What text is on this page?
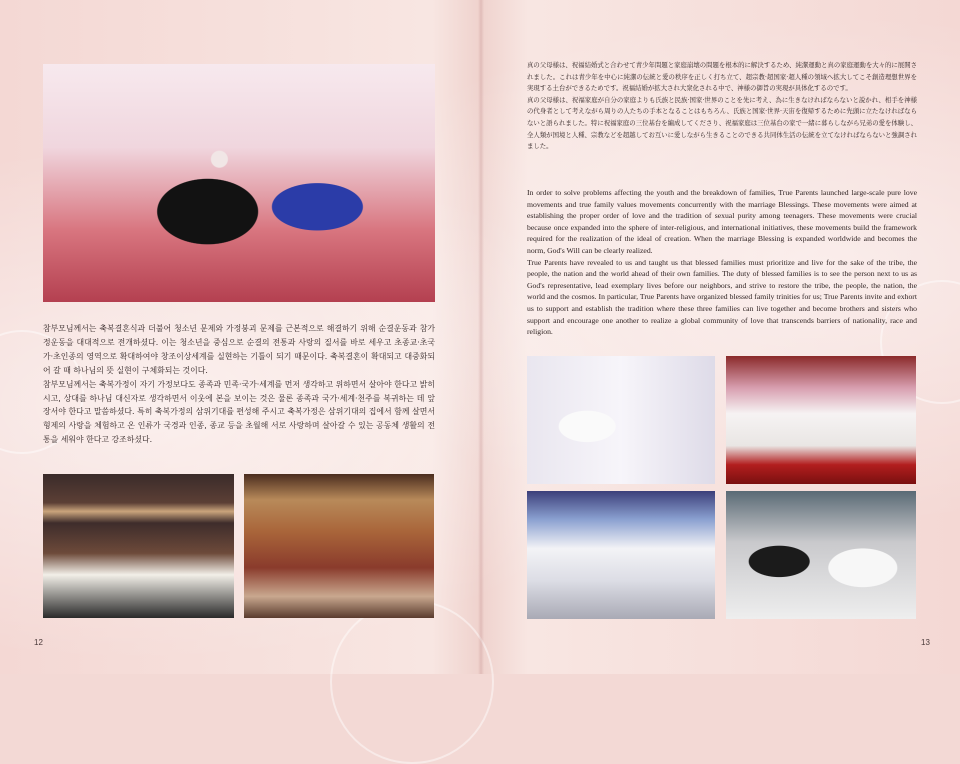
참부모님께서는 축복결혼식과 더불어 청소년 문제와 가정붕괴 문제를 근본적으로 해결하기 위해 순결운동과 참가정운동을 대대적으로 전개하셨다. 이는 청소년을 중심으로 순결의 전통과 사랑의 질서를 바로 세우고 초종교·초국가·초인종의 영역으로 확대하여야 창조이상세계를 실현하는 기틀이 되기 때문이다. 축복결혼이 확대되고 대중화되어 갈 때 하나님의 뜻 실현이 구체화되는 것이다.

참부모님께서는 축복가정이 자기 가정보다도 종족과 민족·국가·세계를 먼저 생각하고 위하면서 살아야 한다고 밝히시고, 상대를 하나님 대신자로 생각하면서 이웃에 본을 보이는 것은 물론 종족과 국가·세계·천주를 복귀하는 데 앞장서야 한다고 말씀하셨다. 특히 축복가정의 삼위기대를 편성해 주시고 축복가정은 삼위기대의 집에서 함께 살면서 형제의 사랑을 체험하고 온 인류가 국경과 인종, 종교 등을 초월해 서로 사랑하며 살아갈 수 있는 공동체 생활의 전통을 세워야 한다고 강조하셨다.

12

真の父母様は、祝福結婚式と合わせて青少年問題と家庭崩壊の問題を根本的に解決するため、純潔運動と真の家庭運動を大々的に展開されました。これは青少年を中心に純潔の伝統と愛の秩序を正しく打ち立て、超宗教·超国家·超人種の領域へ拡大してこそ創造理想世界を実現する土台ができるためです。祝福結婚が拡大され大衆化される中で、神様の御旨の実現が具体化するのです。

真の父母様は、祝福家庭が自分の家庭よりも氏族と民族·国家·世界のことを先に考え、為に生きなければならないと説かれ、相手を神様の代身者として考えながら周りの人たちの手本となることはもちろん、氏族と国家·世界·天宙を復帰するために先頭に立たなければならないと語られました。特に祝福家庭の三位基台を編成してくださり、祝福家庭は三位基台の家で一緒に暮らしながら兄弟の愛を体験し、全人類が国境と人種、宗教などを超越してお互いに愛しながら生きることのできる共同体生活の伝統を立てなければならないと強調されました。

In order to solve problems affecting the youth and the breakdown of families, True Parents launched large-scale pure love movements and true family values movements concurrently with the marriage Blessings. These movements were aimed at establishing the proper order of love and the tradition of sexual purity among teenagers. These movements were crucial because once expanded into the sphere of inter-religious, and international initiatives, these movements build the framework required for the realization of the ideal of creation. When the marriage Blessing is expanded worldwide and becomes the norm, God's Will can be clearly realized.

True Parents have revealed to us and taught us that blessed families must prioritize and live for the sake of the tribe, the people, the nation and the world ahead of their own families. The duty of blessed families is to see the person next to us as God's representative, lead exemplary lives before our neighbors, and strive to restore the tribe, the people, the nation, the world and the cosmos. In particular, True Parents have organized blessed family trinities for us; True Parents invite and exhort us to support and establish the tradition where these three families can live together and become brothers and sisters who support and encourage one another to realize a global community of love that transcends barriers of nationality, race and religion.

13
